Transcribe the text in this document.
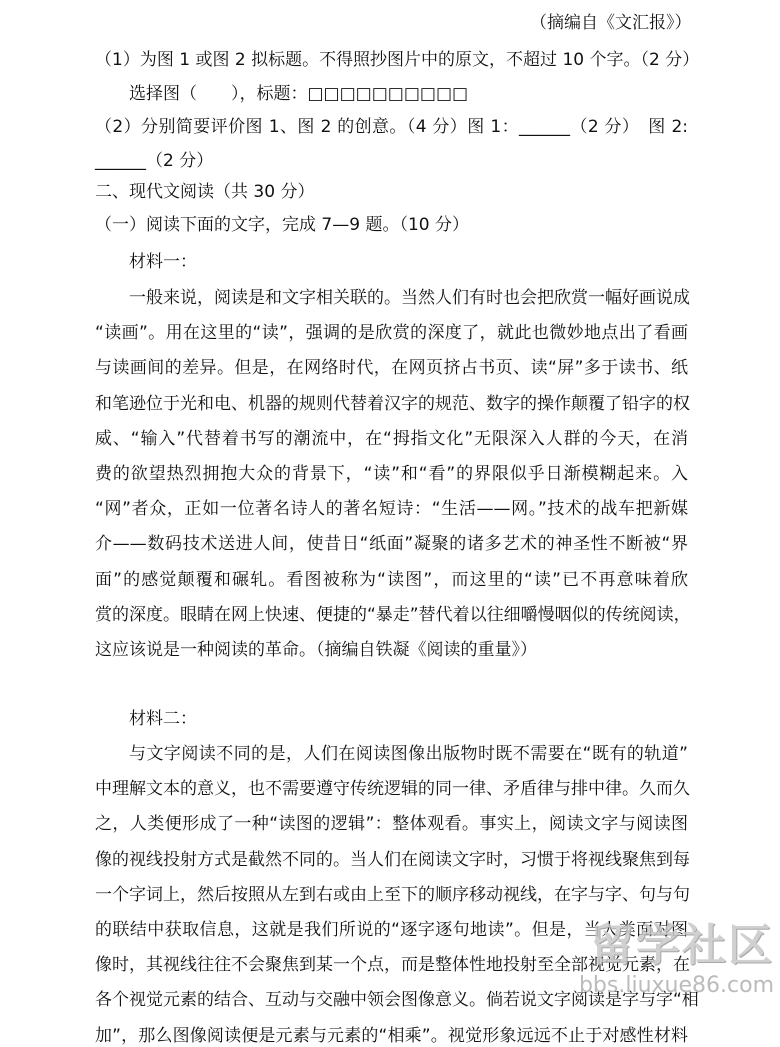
（摘编自《文汇报》）
（1）为图 1 或图 2 拟标题。不得照抄图片中的原文，不超过 10 个字。（2 分）
选择图（　　），标题：□□□□□□□□□□
（2）分别简要评价图 1、图 2 的创意。（4 分）图 1：______（2 分）　图 2:
______（2 分）
二、现代文阅读（共 30 分）
（一）阅读下面的文字，完成 7—9 题。（10 分）
材料一：
一般来说，阅读是和文字相关联的。当然人们有时也会把欣赏一幅好画说成
“读画”。用在这里的“读”，强调的是欣赏的深度了，就此也微妙地点出了看画
与读画间的差异。但是，在网络时代，在网页挤占书页、读“屏”多于读书、纸
和笔逊位于光和电、机器的规则代替着汉字的规范、数字的操作颠覆了铅字的权
威、“输入”代替着书写的潮流中，在“拇指文化”无限深入人群的今天，在消
费的欲望热烈拥抱大众的背景下，“读”和“看”的界限似乎日渐模糊起来。入
“网”者众，正如一位著名诗人的著名短诗：“生活——网。”技术的战车把新媒
介——数码技术送进人间，使昔日“纸面”凝聚的诸多艺术的神圣性不断被“界
面”的感觉颠覆和碾轧。看图被称为“读图”，而这里的“读”已不再意味着欣
赏的深度。眼睛在网上快速、便捷的“暴走”替代着以往细嚼慢咽似的传统阅读，
这应该说是一种阅读的革命。（摘编自铁凝《阅读的重量》）
材料二：
与文字阅读不同的是，人们在阅读图像出版物时既不需要在“既有的轨道”
中理解文本的意义，也不需要遵守传统逻辑的同一律、矛盾律与排中律。久而久
之，人类便形成了一种“读图的逻辑”：整体观看。事实上，阅读文字与阅读图
像的视线投射方式是截然不同的。当人们在阅读文字时，习惯于将视线聚焦到每
一个字词上，然后按照从左到右或由上至下的顺序移动视线，在字与字、句与句
的联结中获取信息，这就是我们所说的“逐字逐句地读”。但是，当人类面对图
像时，其视线往往不会聚焦到某一个点，而是整体性地投射至全部视觉元素，在
各个视觉元素的结合、互动与交融中领会图像意义。倘若说文字阅读是字与字“相
加”，那么图像阅读便是元素与元素的“相乘”。视觉形象远远不止于对感性材料
留学社区
bbs.liuxue86.com
